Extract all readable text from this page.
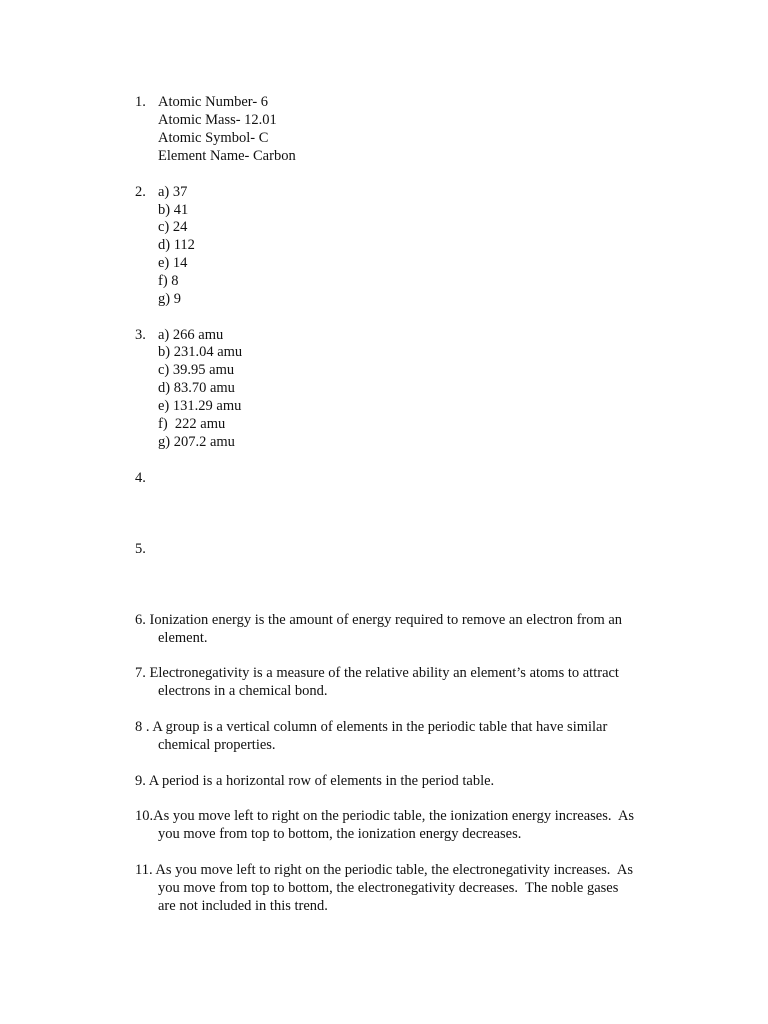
1. Atomic Number- 6
Atomic Mass- 12.01
Atomic Symbol- C
Element Name- Carbon
2. a) 37
b) 41
c) 24
d) 112
e) 14
f) 8
g) 9
3. a) 266 amu
b) 231.04 amu
c) 39.95 amu
d) 83.70 amu
e) 131.29 amu
f)  222 amu
g) 207.2 amu
4.
5.
6. Ionization energy is the amount of energy required to remove an electron from an
element.
7. Electronegativity is a measure of the relative ability an element’s atoms to attract
electrons in a chemical bond.
8 . A group is a vertical column of elements in the periodic table that have similar
chemical properties.
9. A period is a horizontal row of elements in the period table.
10.As you move left to right on the periodic table, the ionization energy increases.  As
you move from top to bottom, the ionization energy decreases.
11. As you move left to right on the periodic table, the electronegativity increases.  As
you move from top to bottom, the electronegativity decreases.  The noble gases
are not included in this trend.
